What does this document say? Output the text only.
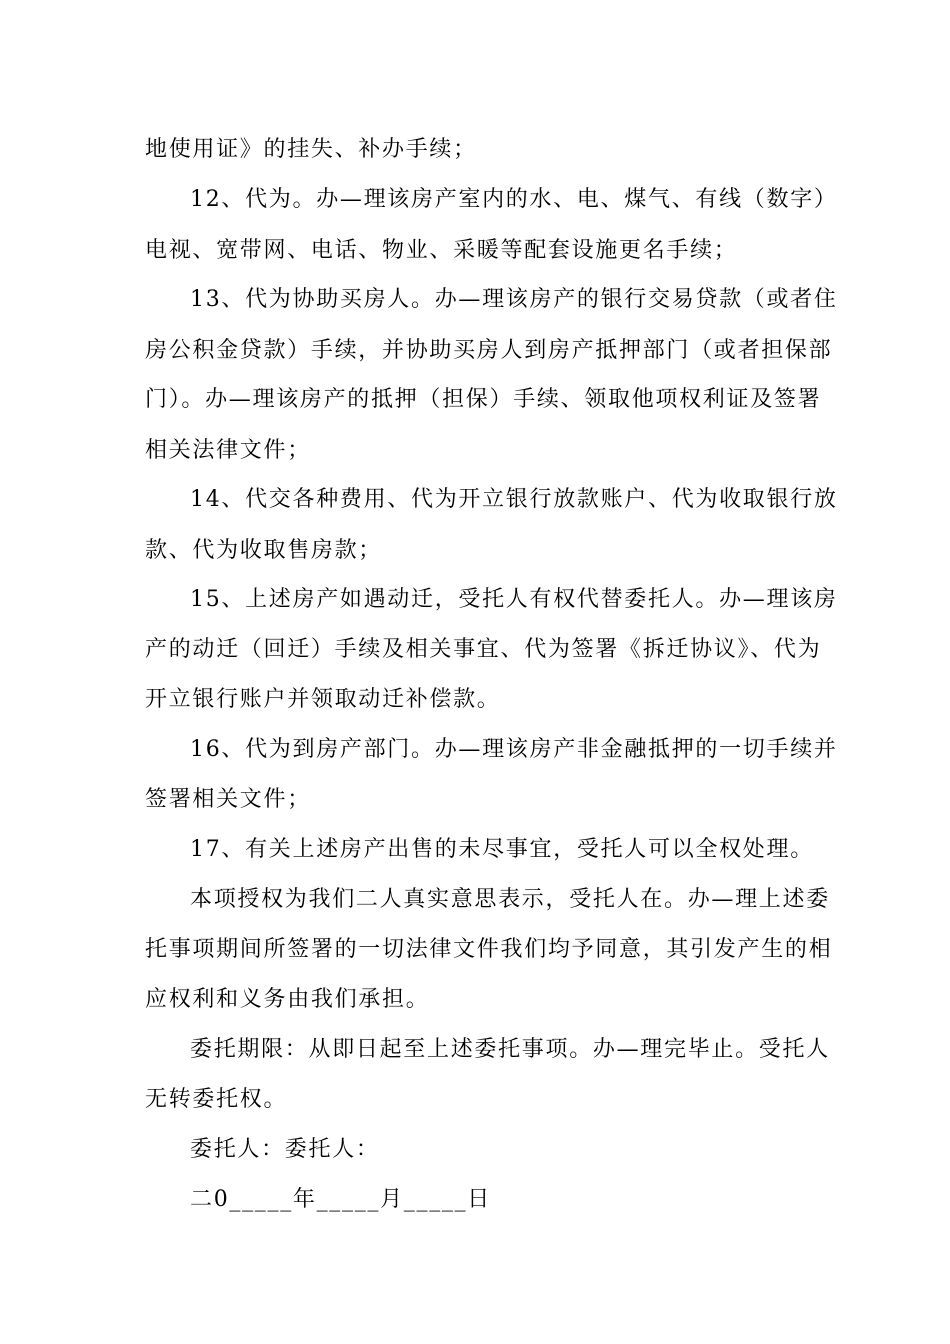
地使用证》的挂失、补办手续；
12、代为。办—理该房产室内的水、电、煤气、有线（数字）
电视、宽带网、电话、物业、采暖等配套设施更名手续；
13、代为协助买房人。办—理该房产的银行交易贷款（或者住
房公积金贷款）手续，并协助买房人到房产抵押部门（或者担保部
门）。办—理该房产的抵押（担保）手续、领取他项权利证及签署
相关法律文件；
14、代交各种费用、代为开立银行放款账户、代为收取银行放
款、代为收取售房款；
15、上述房产如遇动迁，受托人有权代替委托人。办—理该房
产的动迁（回迁）手续及相关事宜、代为签署《拆迁协议》、代为
开立银行账户并领取动迁补偿款。
16、代为到房产部门。办—理该房产非金融抵押的一切手续并
签署相关文件；
17、有关上述房产出售的未尽事宜，受托人可以全权处理。
本项授权为我们二人真实意思表示，受托人在。办—理上述委
托事项期间所签署的一切法律文件我们均予同意，其引发产生的相
应权利和义务由我们承担。
委托期限：从即日起至上述委托事项。办—理完毕止。受托人
无转委托权。
委托人：委托人：
二0_____年_____月_____日
